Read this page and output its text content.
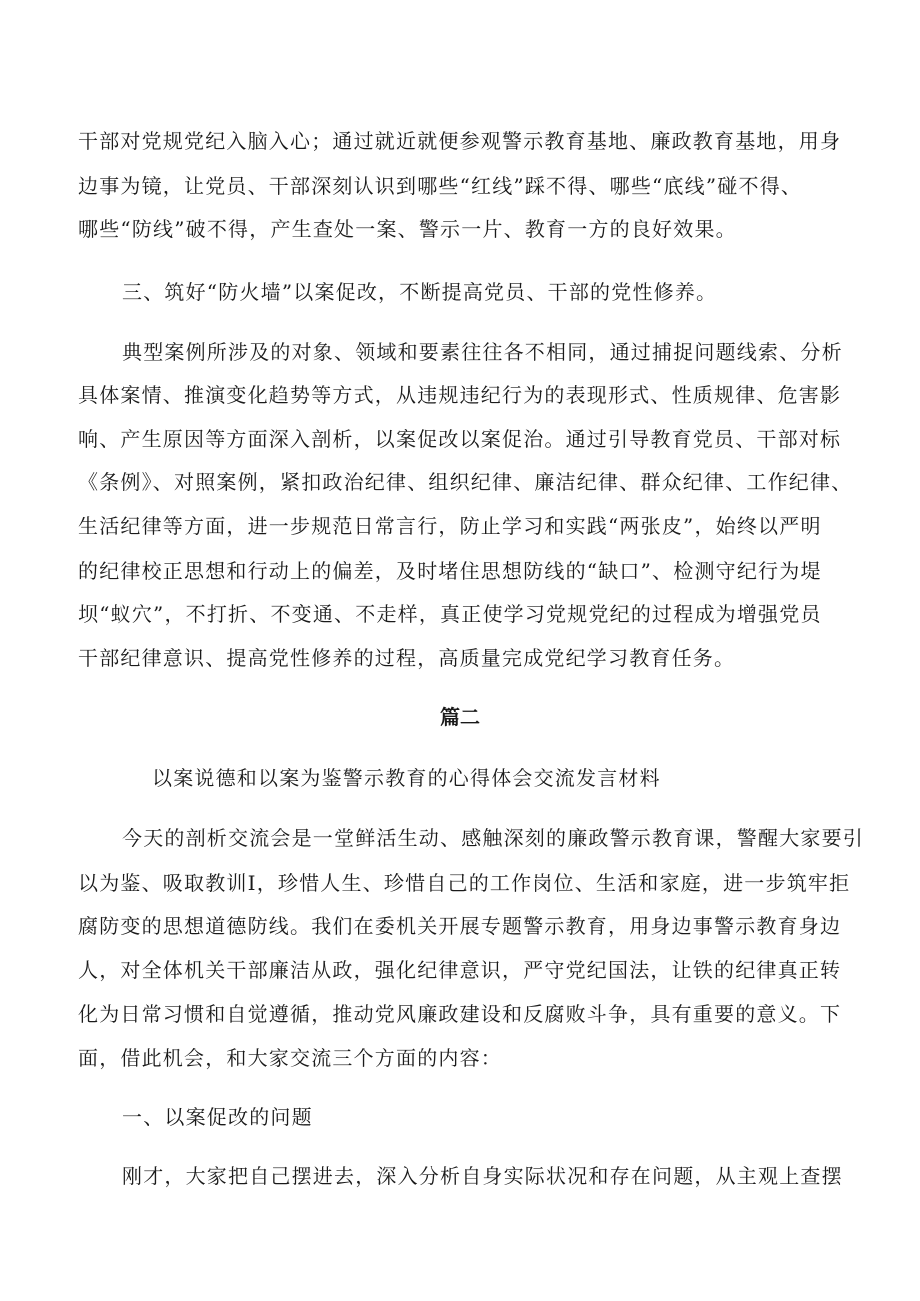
干部对党规党纪入脑入心；通过就近就便参观警示教育基地、廉政教育基地，用身
边事为镜，让党员、干部深刻认识到哪些“红线”踩不得、哪些“底线”碰不得、
哪些“防线”破不得，产生查处一案、警示一片、教育一方的良好效果。
三、筑好“防火墙”以案促改，不断提高党员、干部的党性修养。
典型案例所涉及的对象、领域和要素往往各不相同，通过捕捉问题线索、分析
具体案情、推演变化趋势等方式，从违规违纪行为的表现形式、性质规律、危害影
响、产生原因等方面深入剖析，以案促改以案促治。通过引导教育党员、干部对标
《条例》、对照案例，紧扣政治纪律、组织纪律、廉洁纪律、群众纪律、工作纪律、
生活纪律等方面，进一步规范日常言行，防止学习和实践“两张皮”，始终以严明
的纪律校正思想和行动上的偏差，及时堵住思想防线的“缺口”、检测守纪行为堤
坝“蚁穴”，不打折、不变通、不走样，真正使学习党规党纪的过程成为增强党员
干部纪律意识、提高党性修养的过程，高质量完成党纪学习教育任务。
篇二
以案说德和以案为鉴警示教育的心得体会交流发言材料
今天的剖析交流会是一堂鲜活生动、感触深刻的廉政警示教育课，警醒大家要引
以为鉴、吸取教训I，珍惜人生、珍惜自己的工作岗位、生活和家庭，进一步筑牢拒
腐防变的思想道德防线。我们在委机关开展专题警示教育，用身边事警示教育身边
人，对全体机关干部廉洁从政，强化纪律意识，严守党纪国法，让铁的纪律真正转
化为日常习惯和自觉遵循，推动党风廉政建设和反腐败斗争，具有重要的意义。下
面，借此机会，和大家交流三个方面的内容：
一、以案促改的问题
刚才，大家把自己摆进去，深入分析自身实际状况和存在问题，从主观上查摆
